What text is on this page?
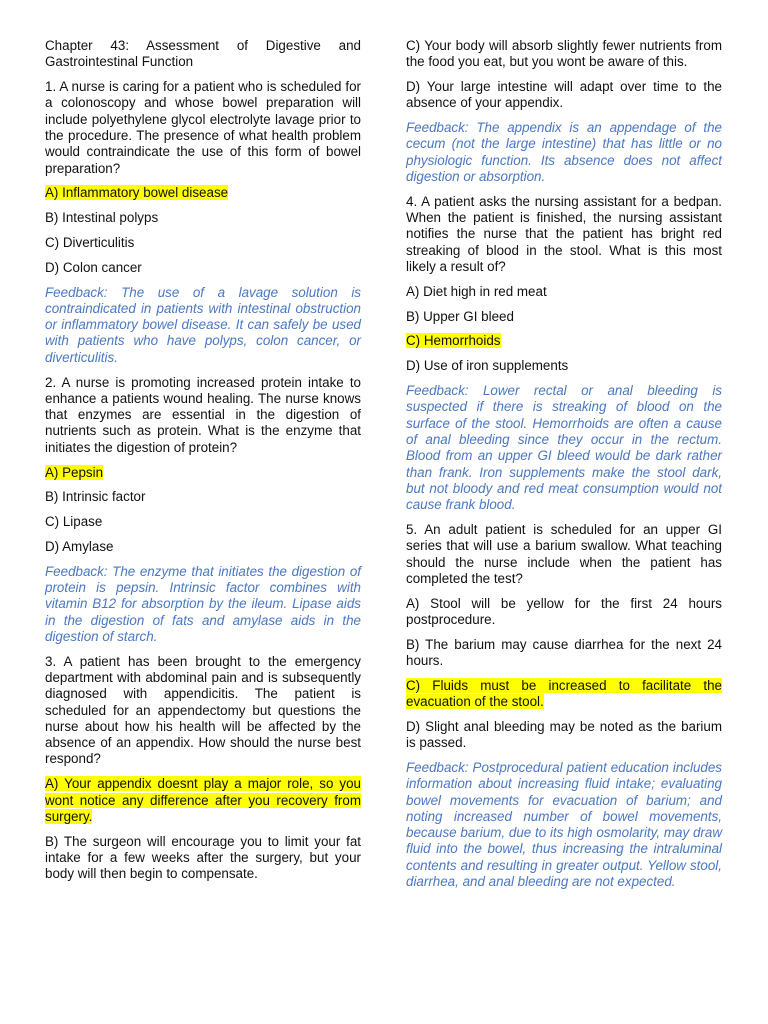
Chapter 43: Assessment of Digestive and Gastrointestinal Function

1. A nurse is caring for a patient who is scheduled for a colonoscopy and whose bowel preparation will include polyethylene glycol electrolyte lavage prior to the procedure. The presence of what health problem would contraindicate the use of this form of bowel preparation?

A) Inflammatory bowel disease

B) Intestinal polyps

C) Diverticulitis

D) Colon cancer

Feedback: The use of a lavage solution is contraindicated in patients with intestinal obstruction or inflammatory bowel disease. It can safely be used with patients who have polyps, colon cancer, or diverticulitis.

2. A nurse is promoting increased protein intake to enhance a patients wound healing. The nurse knows that enzymes are essential in the digestion of nutrients such as protein. What is the enzyme that initiates the digestion of protein?

A) Pepsin

B) Intrinsic factor

C) Lipase

D) Amylase

Feedback: The enzyme that initiates the digestion of protein is pepsin. Intrinsic factor combines with vitamin B12 for absorption by the ileum. Lipase aids in the digestion of fats and amylase aids in the digestion of starch.

3. A patient has been brought to the emergency department with abdominal pain and is subsequently diagnosed with appendicitis. The patient is scheduled for an appendectomy but questions the nurse about how his health will be affected by the absence of an appendix. How should the nurse best respond?

A) Your appendix doesnt play a major role, so you wont notice any difference after you recovery from surgery.

B) The surgeon will encourage you to limit your fat intake for a few weeks after the surgery, but your body will then begin to compensate.

C) Your body will absorb slightly fewer nutrients from the food you eat, but you wont be aware of this.

D) Your large intestine will adapt over time to the absence of your appendix.

Feedback: The appendix is an appendage of the cecum (not the large intestine) that has little or no physiologic function. Its absence does not affect digestion or absorption.

4. A patient asks the nursing assistant for a bedpan. When the patient is finished, the nursing assistant notifies the nurse that the patient has bright red streaking of blood in the stool. What is this most likely a result of?

A) Diet high in red meat

B) Upper GI bleed

C) Hemorrhoids

D) Use of iron supplements

Feedback: Lower rectal or anal bleeding is suspected if there is streaking of blood on the surface of the stool. Hemorrhoids are often a cause of anal bleeding since they occur in the rectum. Blood from an upper GI bleed would be dark rather than frank. Iron supplements make the stool dark, but not bloody and red meat consumption would not cause frank blood.

5. An adult patient is scheduled for an upper GI series that will use a barium swallow. What teaching should the nurse include when the patient has completed the test?

A) Stool will be yellow for the first 24 hours postprocedure.

B) The barium may cause diarrhea for the next 24 hours.

C) Fluids must be increased to facilitate the evacuation of the stool.

D) Slight anal bleeding may be noted as the barium is passed.

Feedback: Postprocedural patient education includes information about increasing fluid intake; evaluating bowel movements for evacuation of barium; and noting increased number of bowel movements, because barium, due to its high osmolarity, may draw fluid into the bowel, thus increasing the intraluminal contents and resulting in greater output. Yellow stool, diarrhea, and anal bleeding are not expected.
